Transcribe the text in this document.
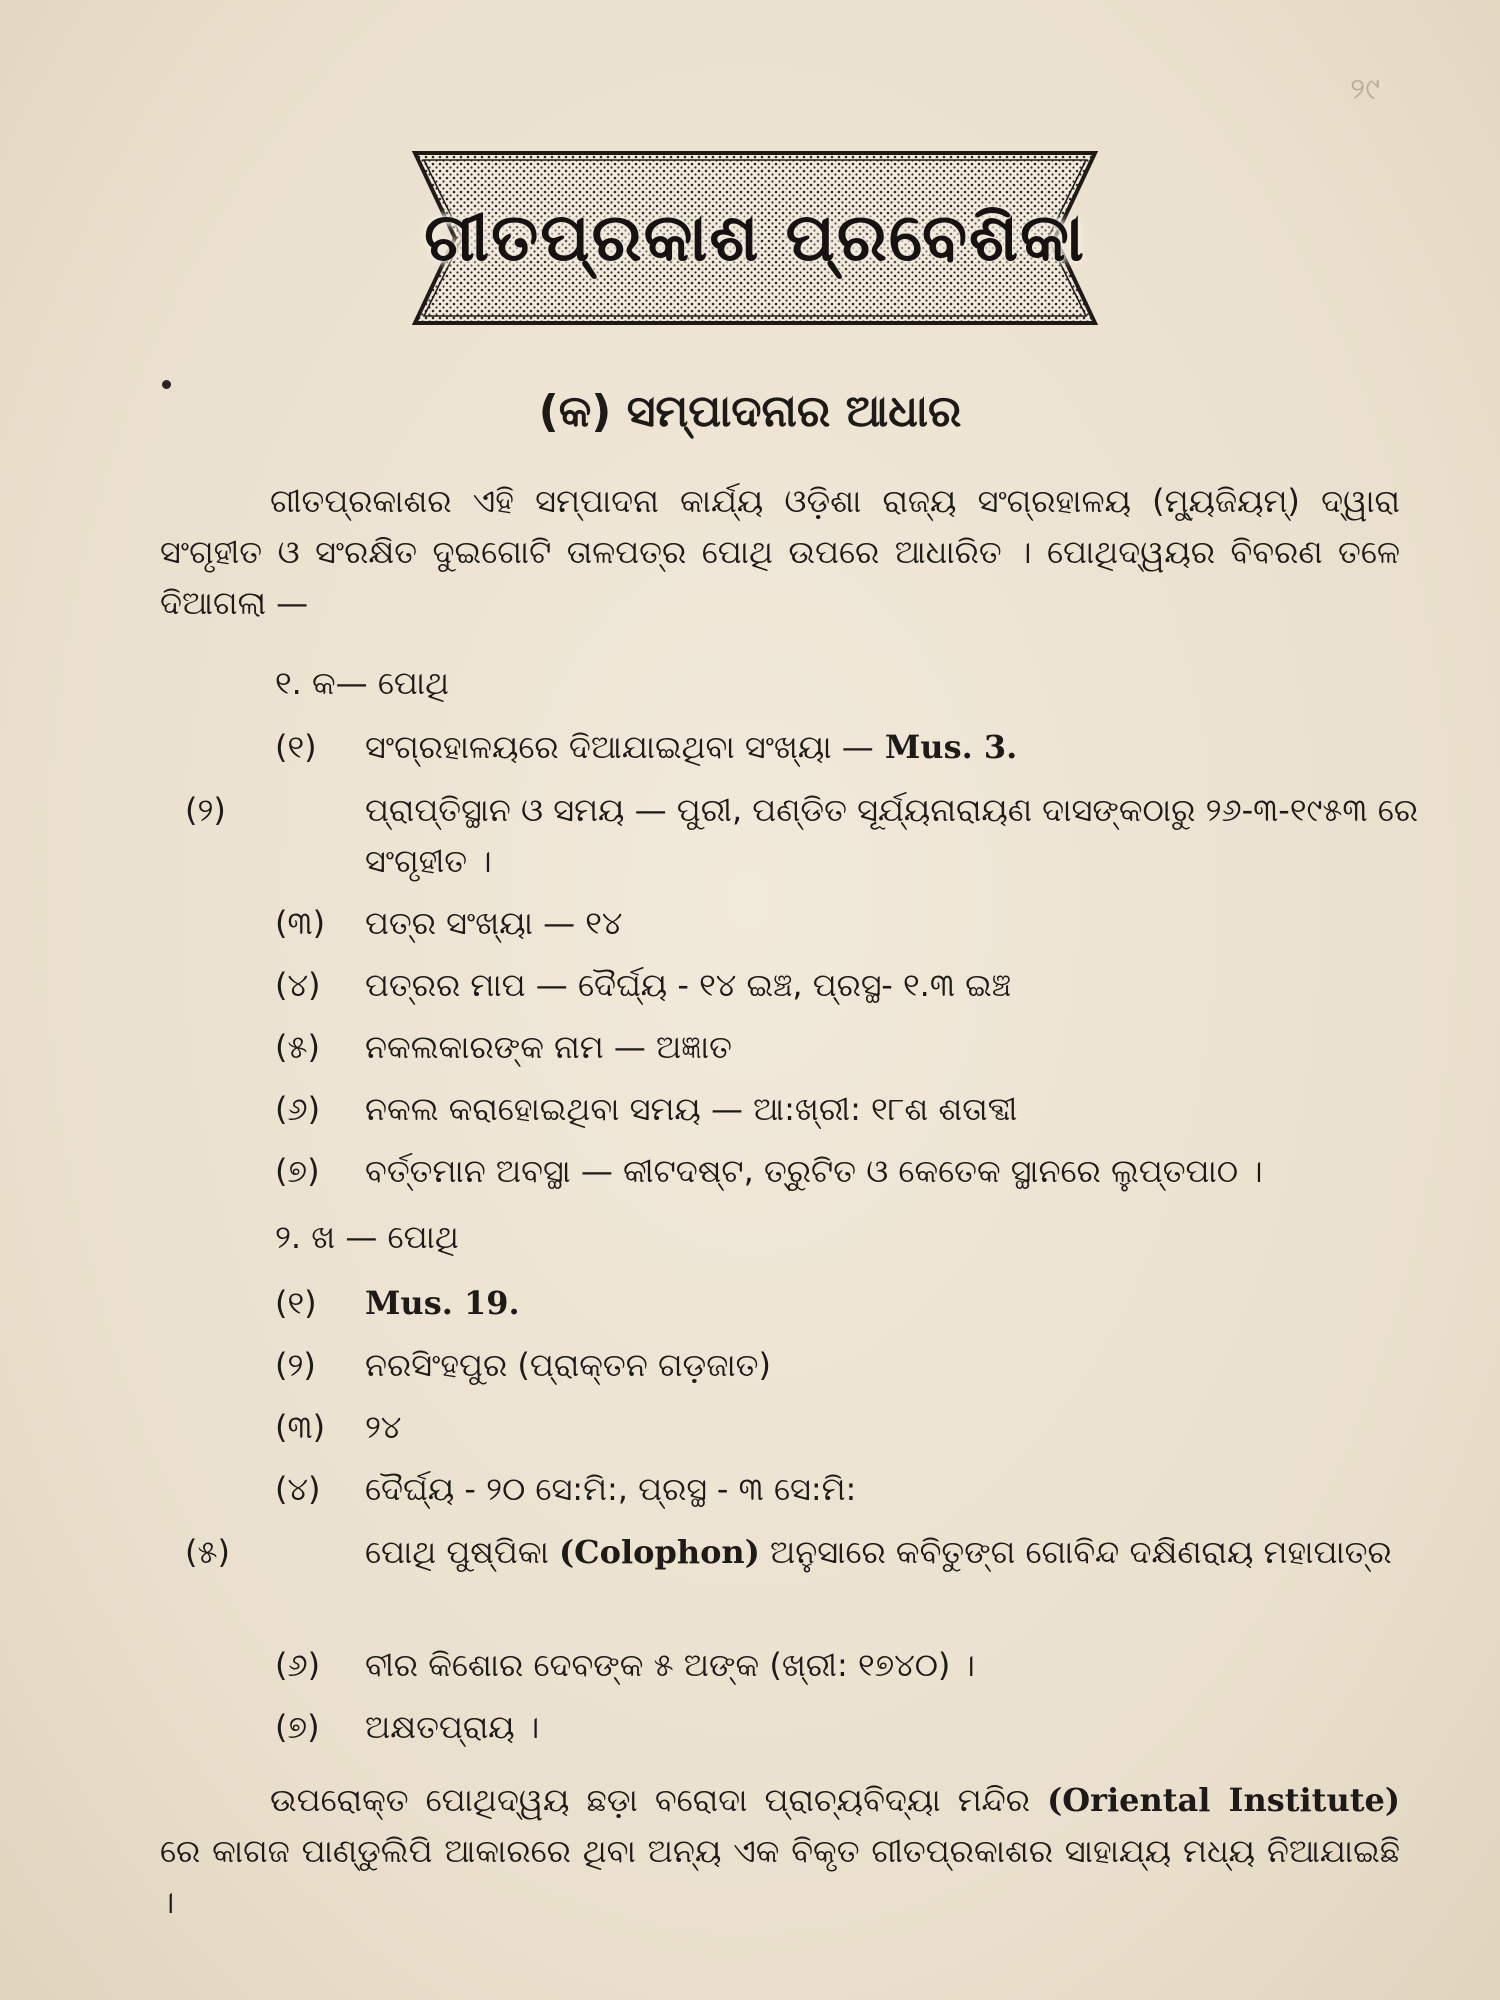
୨୯
ଗୀତପ୍ରକାଶ ପ୍ରବେଶିକା
(କ) ସମ୍ପାଦନାର ଆଧାର
ଗୀତପ୍ରକାଶର ଏହି ସମ୍ପାଦନା କାର୍ଯ୍ୟ ଓଡ଼ିଶା ରାଜ୍ୟ ସଂଗ୍ରହାଳୟ (ମ୍ୟୁଜିୟମ୍) ଦ୍ୱାରା ସଂଗୃହୀତ ଓ ସଂରକ୍ଷିତ ଦୁଇଗୋଟି ତାଳପତ୍ର ପୋଥି ଉପରେ ଆଧାରିତ । ପୋଥିଦ୍ୱୟର ବିବରଣ ତଳେ ଦିଆଗଲା —
୧. କ— ପୋଥି
(୧) ସଂଗ୍ରହାଳୟରେ ଦିଆଯାଇଥିବା ସଂଖ୍ୟା — Mus. 3.
(୨)	ପ୍ରାପ୍ତିସ୍ଥାନ ଓ ସମୟ — ପୁରୀ, ପଣ୍ଡିତ ସୂର୍ଯ୍ୟନାରାୟଣ ଦାସଙ୍କଠାରୁ ୨୬-୩-୧୯୫୩ ରେ ସଂଗୃହୀତ ।
(୩) ପତ୍ର ସଂଖ୍ୟା — ୧୪
(୪) ପତ୍ରର ମାପ — ଦୈର୍ଘ୍ୟ - ୧୪ ଇଞ୍ଚ, ପ୍ରସ୍ଥ- ୧.୩ ଇଞ୍ଚ
(୫) ନକଲକାରଙ୍କ ନାମ — ଅଜ୍ଞାତ
(୬) ନକଲ କରାହୋଇଥିବା ସମୟ — ଆ:ଖ୍ରୀ: ୧୮ଶ ଶତାବ୍ଦୀ
(୭) ବର୍ତ୍ତମାନ ଅବସ୍ଥା — କୀଟଦଷ୍ଟ, ତ୍ରୁଟିତ ଓ କେତେକ ସ୍ଥାନରେ ଲୁପ୍ତପାଠ ।
୨. ଖ — ପୋଥି
(୧) Mus. 19.
(୨) ନରସିଂହପୁର (ପ୍ରାକ୍ତନ ଗଡ଼ଜାତ)
(୩) ୨୪
(୪) ଦୈର୍ଘ୍ୟ - ୨୦ ସେ:ମି:, ପ୍ରସ୍ଥ - ୩ ସେ:ମି:
(୫)	ପୋଥି ପୁଷ୍ପିକା (Colophon) ଅନୁସାରେ କବିତୁଙ୍ଗ ଗୋବିନ୍ଦ ଦକ୍ଷିଣରାୟ ମହାପାତ୍ର
(୬) ବୀର କିଶୋର ଦେବଙ୍କ ୫ ଅଙ୍କ (ଖ୍ରୀ: ୧୭୪୦) ।
(୭) ଅକ୍ଷତପ୍ରାୟ ।
ଉପରୋକ୍ତ ପୋଥିଦ୍ୱୟ ଛଡ଼ା ବରୋଦା ପ୍ରାଚ୍ୟବିଦ୍ୟା ମନ୍ଦିର (Oriental Institute) ରେ କାଗଜ ପାଣ୍ଡୁଲିପି ଆକାରରେ ଥିବା ଅନ୍ୟ ଏକ ବିକୃତ ଗୀତପ୍ରକାଶର ସାହାଯ୍ୟ ମଧ୍ୟ ନିଆଯାଇଛି ।
